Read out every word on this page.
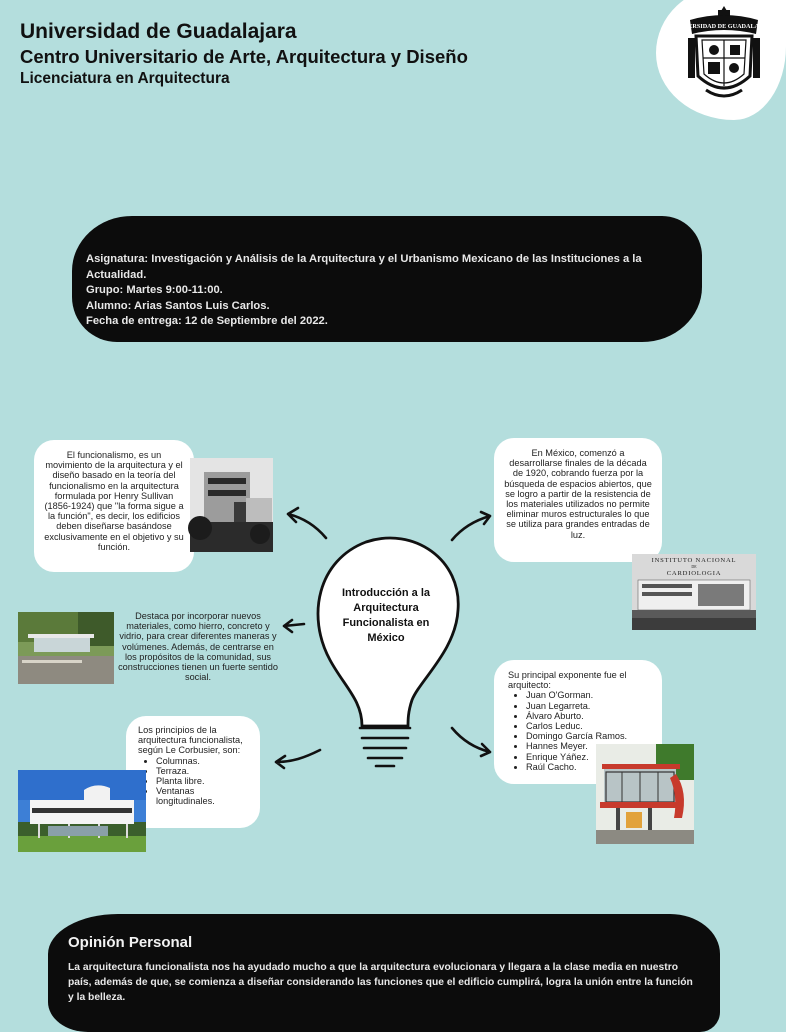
Universidad de Guadalajara
Centro Universitario de Arte, Arquitectura y Diseño
Licenciatura en Arquitectura
UNIVERSIDAD DE GUADALAJARA

Asignatura: Investigación y Análisis de la Arquitectura y el Urbanismo Mexicano de las Instituciones a la Actualidad.

Grupo: Martes 9:00-11:00.

Alumno: Arias Santos Luis Carlos.

Fecha de entrega: 12 de Septiembre del 2022.

Introducción a la Arquitectura Funcionalista en México
El funcionalismo, es un movimiento de la arquitectura y el diseño basado en la teoría del funcionalismo en la arquitectura formulada por Henry Sullivan (1856-1924) que "la forma sigue a la función", es decir, los edificios deben diseñarse basándose exclusivamente en el objetivo y su función.
Destaca por incorporar nuevos materiales, como hierro, concreto y vidrio, para crear diferentes maneras y volúmenes. Además, de centrarse en los propósitos de la comunidad, sus construcciones tienen un fuerte sentido social.
Los principios de la arquitectura funcionalista, según Le Corbusier, son:
• Columnas.
• Terraza.
• Planta libre.
• Ventanas longitudinales.
En México, comenzó a desarrollarse finales de la década de 1920, cobrando fuerza por la búsqueda de espacios abiertos, que se logro a partir de la resistencia de los materiales utilizados no permite eliminar muros estructurales lo que se utiliza para grandes entradas de luz.
Su principal exponente fue el arquitecto:
• Juan O'Gorman.
• Juan Legarreta.
• Álvaro Aburto.
• Carlos Leduc.
• Domingo García Ramos.
• Hannes Meyer.
• Enrique Yáñez.
• Raúl Cacho.
INSTITUTO NACIONAL
DE
CARDIOLOGIA
Opinión Personal
La arquitectura funcionalista nos ha ayudado mucho a que la arquitectura evolucionara y llegara a la clase media en nuestro país, además de que, se comienza a diseñar considerando las funciones que el edificio cumplirá, logra la unión entre la función y la belleza.
